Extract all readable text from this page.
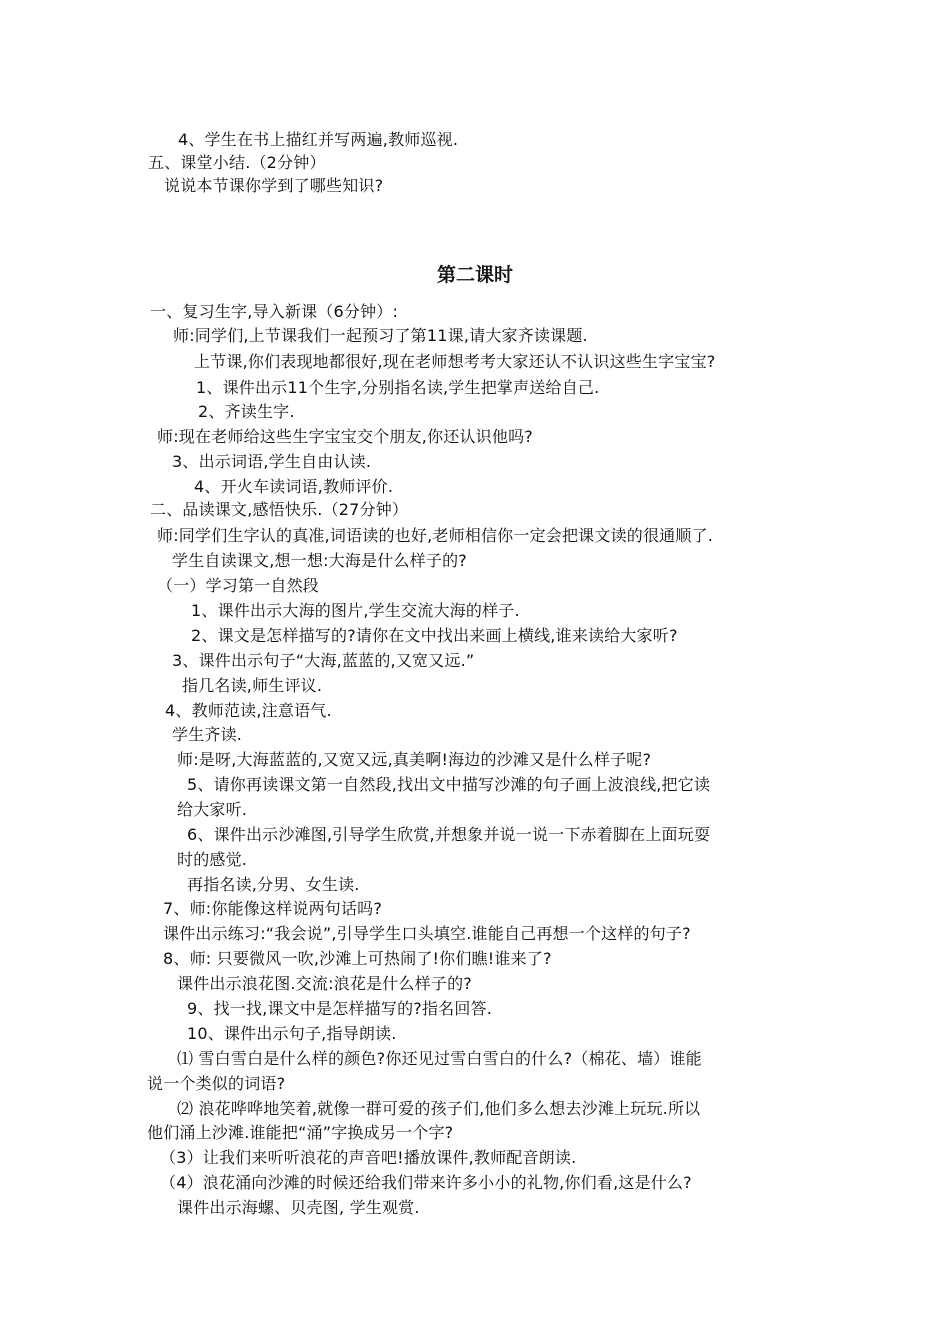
4、学生在书上描红并写两遍,教师巡视.
五、课堂小结.（2分钟）
说说本节课你学到了哪些知识?
第二课时
一、复习生字,导入新课（6分钟）:
师:同学们,上节课我们一起预习了第11课,请大家齐读课题.
上节课,你们表现地都很好,现在老师想考考大家还认不认识这些生字宝宝?
1、课件出示11个生字,分别指名读,学生把掌声送给自己.
2、齐读生字.
师:现在老师给这些生字宝宝交个朋友,你还认识他吗?
3、出示词语,学生自由认读.
4、开火车读词语,教师评价.
二、品读课文,感悟快乐.（27分钟）
师:同学们生字认的真准,词语读的也好,老师相信你一定会把课文读的很通顺了.
学生自读课文,想一想:大海是什么样子的?
（一）学习第一自然段
1、课件出示大海的图片,学生交流大海的样子.
2、课文是怎样描写的?请你在文中找出来画上横线,谁来读给大家听?
3、课件出示句子“大海,蓝蓝的,又宽又远.”
指几名读,师生评议.
4、教师范读,注意语气.
学生齐读.
师:是呀,大海蓝蓝的,又宽又远,真美啊!海边的沙滩又是什么样子呢?
5、请你再读课文第一自然段,找出文中描写沙滩的句子画上波浪线,把它读
给大家听.
6、课件出示沙滩图,引导学生欣赏,并想象并说一说一下赤着脚在上面玩耍
时的感觉.
再指名读,分男、女生读.
7、师:你能像这样说两句话吗?
课件出示练习:“我会说”,引导学生口头填空.谁能自己再想一个这样的句子?
8、师: 只要微风一吹,沙滩上可热闹了!你们瞧!谁来了?
课件出示浪花图.交流:浪花是什么样子的?
9、找一找,课文中是怎样描写的?指名回答.
10、课件出示句子,指导朗读.
⑴ 雪白雪白是什么样的颜色?你还见过雪白雪白的什么?（棉花、墙）谁能
说一个类似的词语?
⑵ 浪花哗哗地笑着,就像一群可爱的孩子们,他们多么想去沙滩上玩玩.所以
他们涌上沙滩.谁能把“涌”字换成另一个字?
（3）让我们来听听浪花的声音吧!播放课件,教师配音朗读.
（4）浪花涌向沙滩的时候还给我们带来许多小小的礼物,你们看,这是什么?
课件出示海螺、贝壳图, 学生观赏.
